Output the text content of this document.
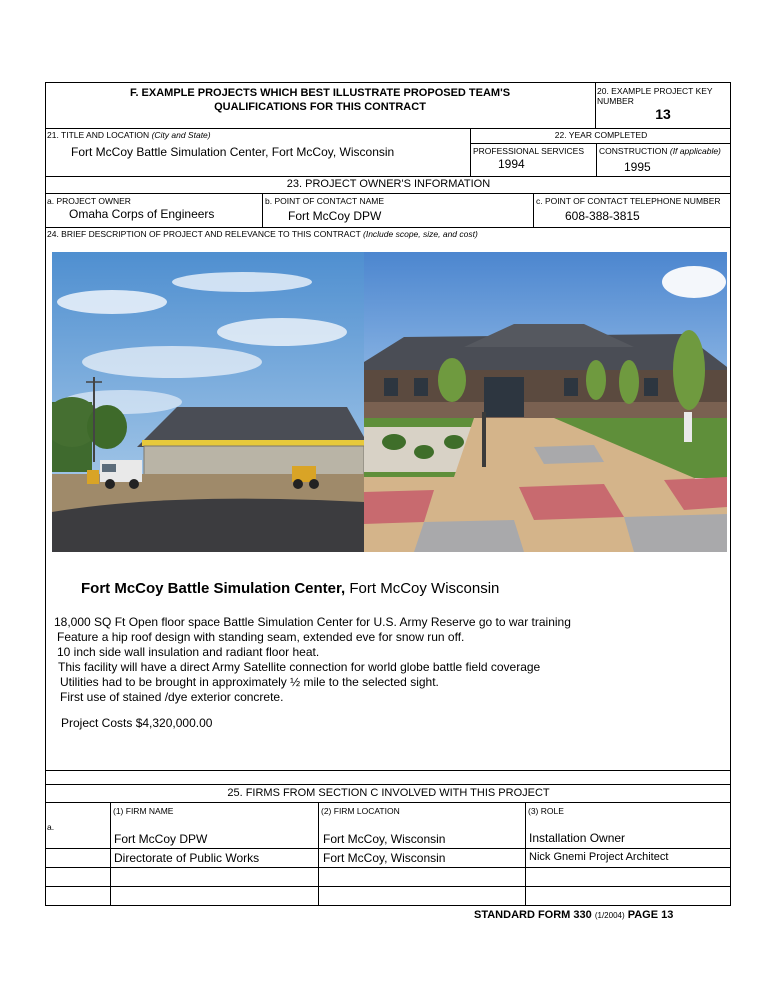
F. EXAMPLE PROJECTS WHICH BEST ILLUSTRATE PROPOSED TEAM'S
QUALIFICATIONS FOR THIS CONTRACT
20. EXAMPLE PROJECT KEY
NUMBER
13
21. TITLE AND LOCATION (City and State)
Fort McCoy Battle Simulation Center, Fort McCoy, Wisconsin
22. YEAR COMPLETED
PROFESSIONAL SERVICES
1994
CONSTRUCTION (If applicable)
1995
23. PROJECT OWNER'S INFORMATION
a. PROJECT OWNER
Omaha Corps of Engineers
b. POINT OF CONTACT NAME
Fort McCoy DPW
c. POINT OF CONTACT TELEPHONE NUMBER
608-388-3815
24. BRIEF DESCRIPTION OF PROJECT AND RELEVANCE TO THIS CONTRACT (Include scope, size, and cost)
Fort McCoy Battle Simulation Center, Fort McCoy Wisconsin
18,000 SQ Ft Open floor space Battle Simulation Center for U.S. Army Reserve go to war training
Feature a hip roof design with standing seam, extended eve for snow run off.
10 inch side wall insulation and radiant floor heat.
This facility will have a direct Army Satellite connection for world globe battle field coverage
Utilities had to be brought in approximately ½ mile to the selected sight.
First use of stained /dye exterior concrete.
Project Costs $4,320,000.00
25. FIRMS FROM SECTION C INVOLVED WITH THIS PROJECT
(1) FIRM NAME	(2) FIRM LOCATION	(3) ROLE
a.
Fort McCoy DPW	Fort McCoy, Wisconsin	Installation Owner
Directorate of Public Works	Fort McCoy, Wisconsin	Nick Gnemi Project Architect
STANDARD FORM 330 (1/2004) PAGE 13
